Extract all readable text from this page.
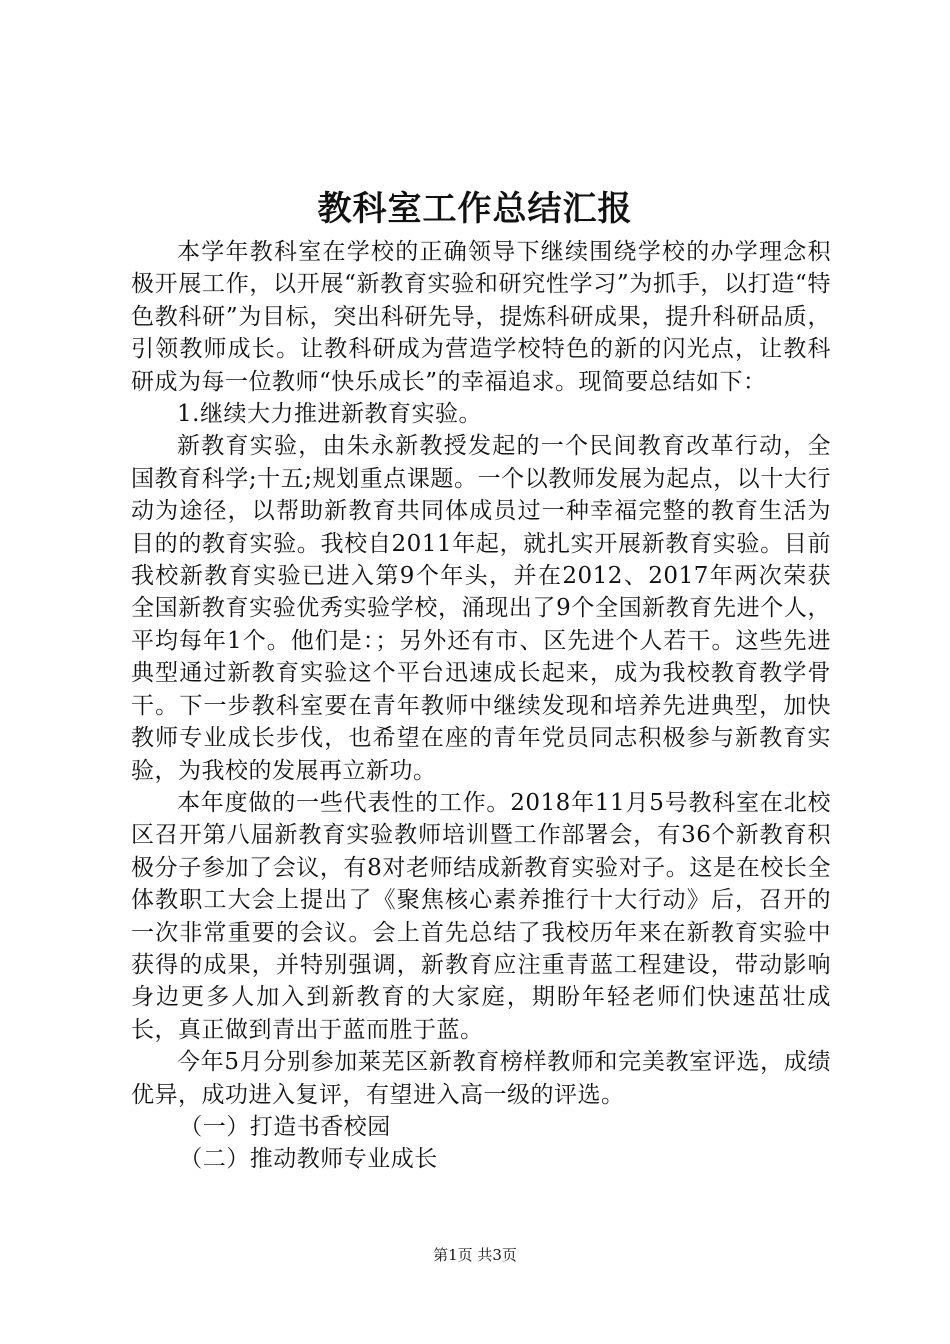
教科室工作总结汇报

本学年教科室在学校的正确领导下继续围绕学校的办学理念积极开展工作，以开展“新教育实验和研究性学习”为抓手，以打造“特色教科研”为目标，突出科研先导，提炼科研成果，提升科研品质，引领教师成长。让教科研成为营造学校特色的新的闪光点，让教科研成为每一位教师“快乐成长”的幸福追求。现简要总结如下：

1.继续大力推进新教育实验。

新教育实验，由朱永新教授发起的一个民间教育改革行动，全国教育科学;十五;规划重点课题。一个以教师发展为起点，以十大行动为途径，以帮助新教育共同体成员过一种幸福完整的教育生活为目的的教育实验。我校自2011年起，就扎实开展新教育实验。目前我校新教育实验已进入第9个年头，并在2012、2017年两次荣获全国新教育实验优秀实验学校，涌现出了9个全国新教育先进个人，平均每年1个。他们是：；另外还有市、区先进个人若干。这些先进典型通过新教育实验这个平台迅速成长起来，成为我校教育教学骨干。下一步教科室要在青年教师中继续发现和培养先进典型，加快教师专业成长步伐，也希望在座的青年党员同志积极参与新教育实验，为我校的发展再立新功。

本年度做的一些代表性的工作。2018年11月5号教科室在北校区召开第八届新教育实验教师培训暨工作部署会，有36个新教育积极分子参加了会议，有8对老师结成新教育实验对子。这是在校长全体教职工大会上提出了《聚焦核心素养推行十大行动》后，召开的一次非常重要的会议。会上首先总结了我校历年来在新教育实验中获得的成果，并特别强调，新教育应注重青蓝工程建设，带动影响身边更多人加入到新教育的大家庭，期盼年轻老师们快速茁壮成长，真正做到青出于蓝而胜于蓝。

今年5月分别参加莱芜区新教育榜样教师和完美教室评选，成绩优异，成功进入复评，有望进入高一级的评选。

（一）打造书香校园

（二）推动教师专业成长

第1页 共3页
